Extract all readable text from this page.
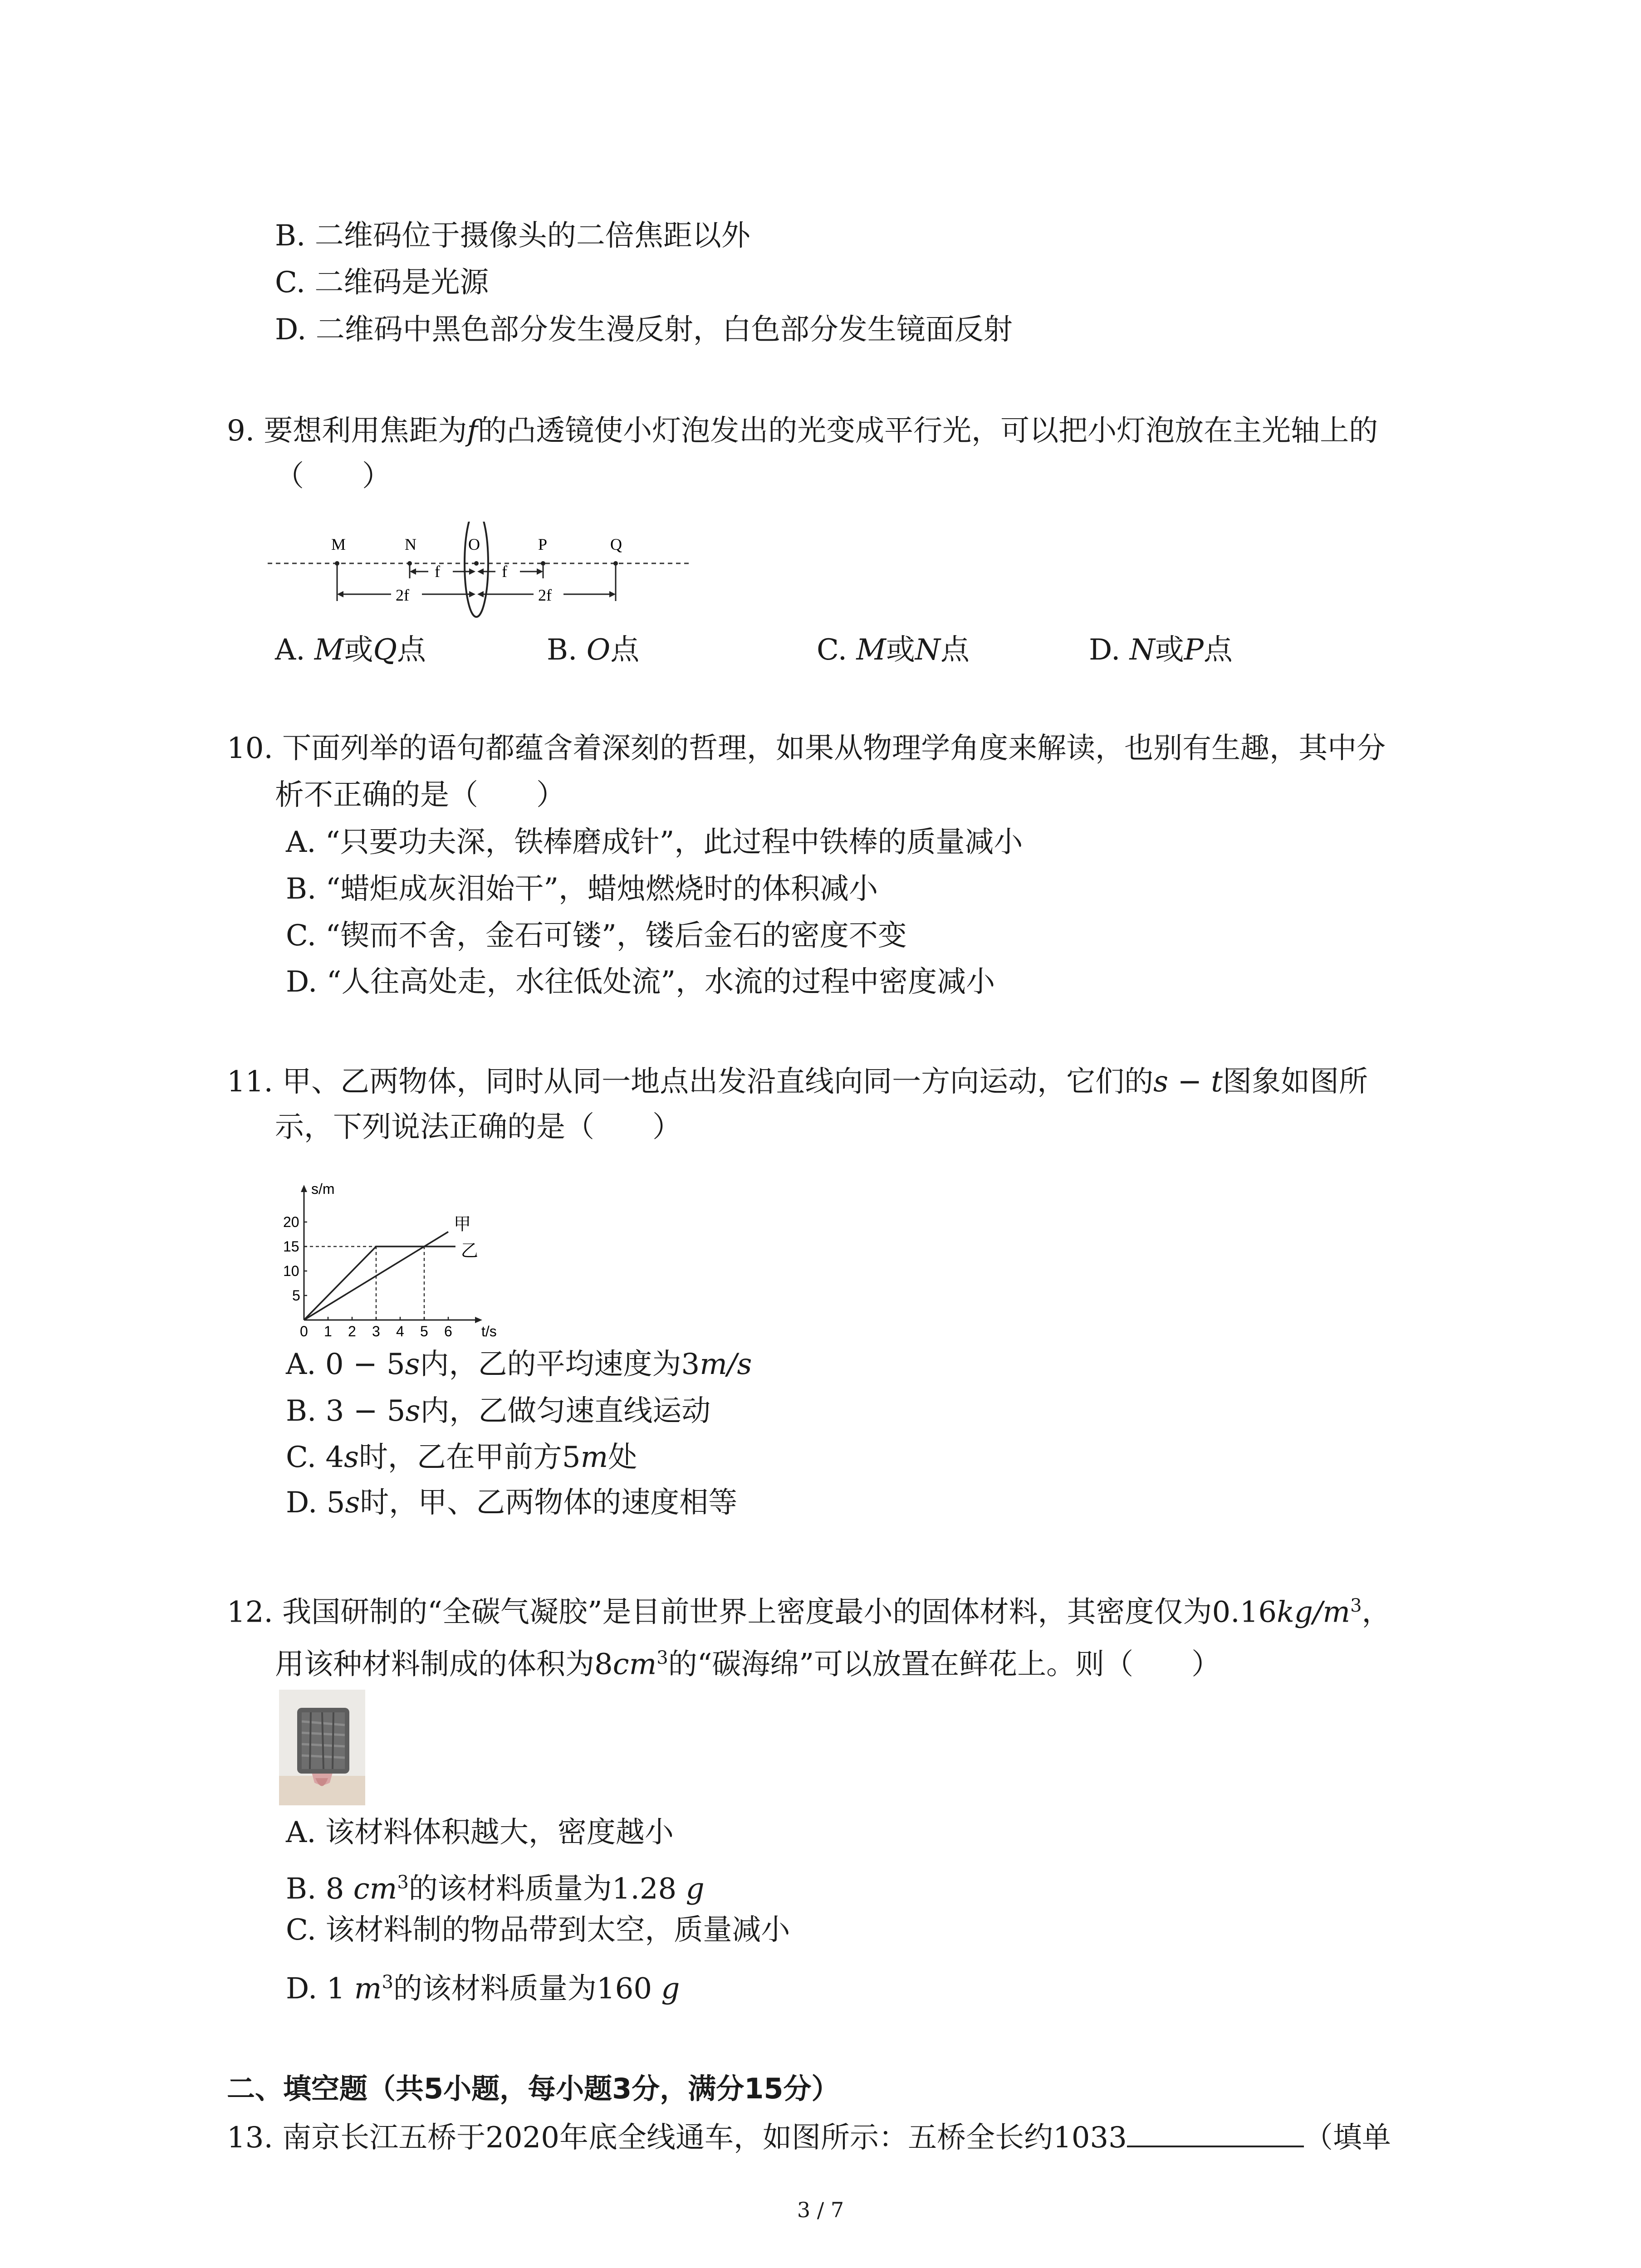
B. 二维码位于摄像头的二倍焦距以外
C. 二维码是光源
D. 二维码中黑色部分发生漫反射，白色部分发生镜面反射
9. 要想利用焦距为f的凸透镜使小灯泡发出的光变成平行光，可以把小灯泡放在主光轴上的
（　　）
M	N	O	P	Q
f	f
2f	2f
A. M或Q点	B. O点	C. M或N点	D. N或P点
10. 下面列举的语句都蕴含着深刻的哲理，如果从物理学角度来解读，也别有生趣，其中分
析不正确的是（　　）
A. “只要功夫深，铁棒磨成针”，此过程中铁棒的质量减小
B. “蜡炬成灰泪始干”，蜡烛燃烧时的体积减小
C. “锲而不舍，金石可镂”，镂后金石的密度不变
D. “人往高处走，水往低处流”，水流的过程中密度减小
11. 甲、乙两物体，同时从同一地点出发沿直线向同一方向运动，它们的s − t图象如图所
示，下列说法正确的是（　　）
0 1 2 3 4 5 6
5
10
15
20
t/s
s/m
甲
乙
A. 0 − 5s内，乙的平均速度为3m/s
B. 3 − 5s内，乙做匀速直线运动
C. 4s时，乙在甲前方5m处
D. 5s时，甲、乙两物体的速度相等
12. 我国研制的“全碳气凝胶”是目前世界上密度最小的固体材料，其密度仅为$0.16kg/m^3$，
用该种材料制成的体积为$8cm^3$的“碳海绵”可以放置在鲜花上。则（　　）
A. 该材料体积越大，密度越小
B. 8 $cm^3$的该材料质量为1.28 g
C. 该材料制的物品带到太空，质量减小
D. 1 $m^3$的该材料质量为160 g
二、填空题（共5小题，每小题3分，满分15分）
13. 南京长江五桥于2020年底全线通车，如图所示：五桥全长约1033	（填单
3 / 7
